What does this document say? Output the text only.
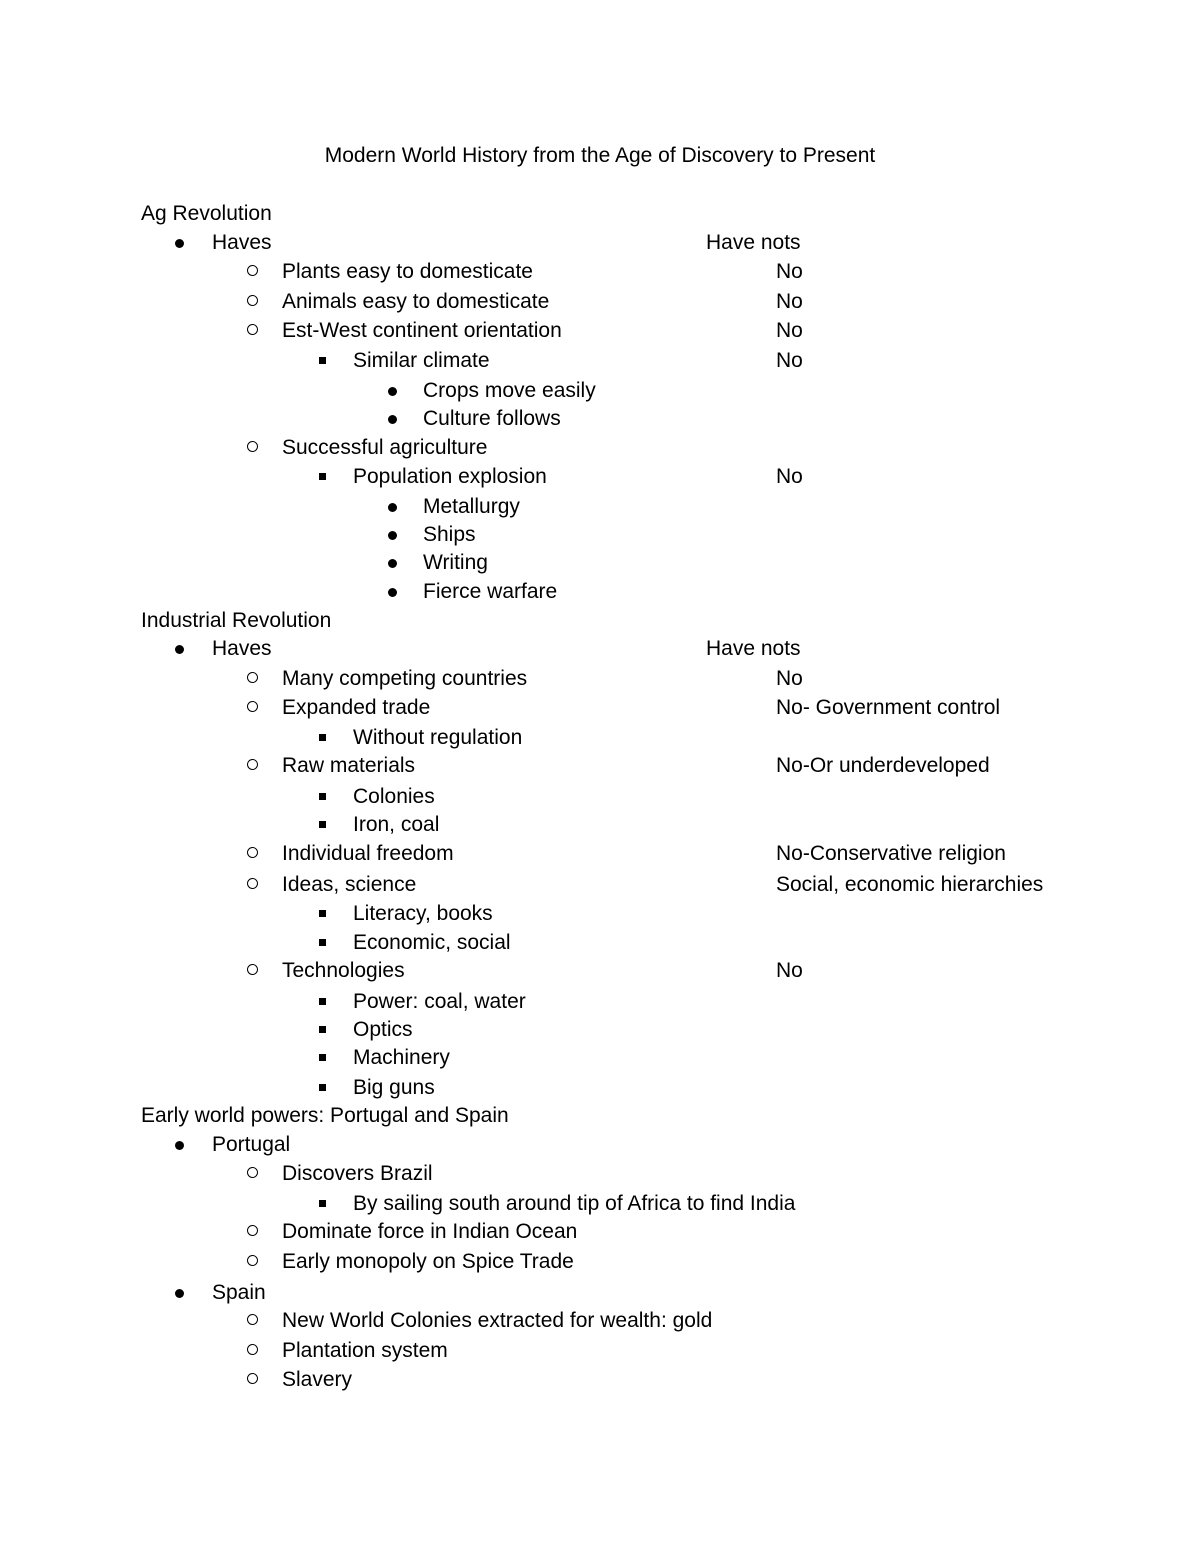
Modern World History from the Age of Discovery to Present
Ag Revolution
Haves	Have nots
Plants easy to domesticate	No
Animals easy to domesticate	No
Est-West continent orientation	No
Similar climate	No
Crops move easily
Culture follows
Successful agriculture
Population explosion	No
Metallurgy
Ships
Writing
Fierce warfare
Industrial Revolution
Haves	Have nots
Many competing countries	No
Expanded trade	No- Government control
Without regulation
Raw materials	No-Or underdeveloped
Colonies
Iron, coal
Individual freedom	No-Conservative religion
Ideas, science	Social, economic hierarchies
Literacy, books
Economic, social
Technologies	No
Power: coal, water
Optics
Machinery
Big guns
Early world powers: Portugal and Spain
Portugal
Discovers Brazil
By sailing south around tip of Africa to find India
Dominate force in Indian Ocean
Early monopoly on Spice Trade
Spain
New World Colonies extracted for wealth: gold
Plantation system
Slavery
